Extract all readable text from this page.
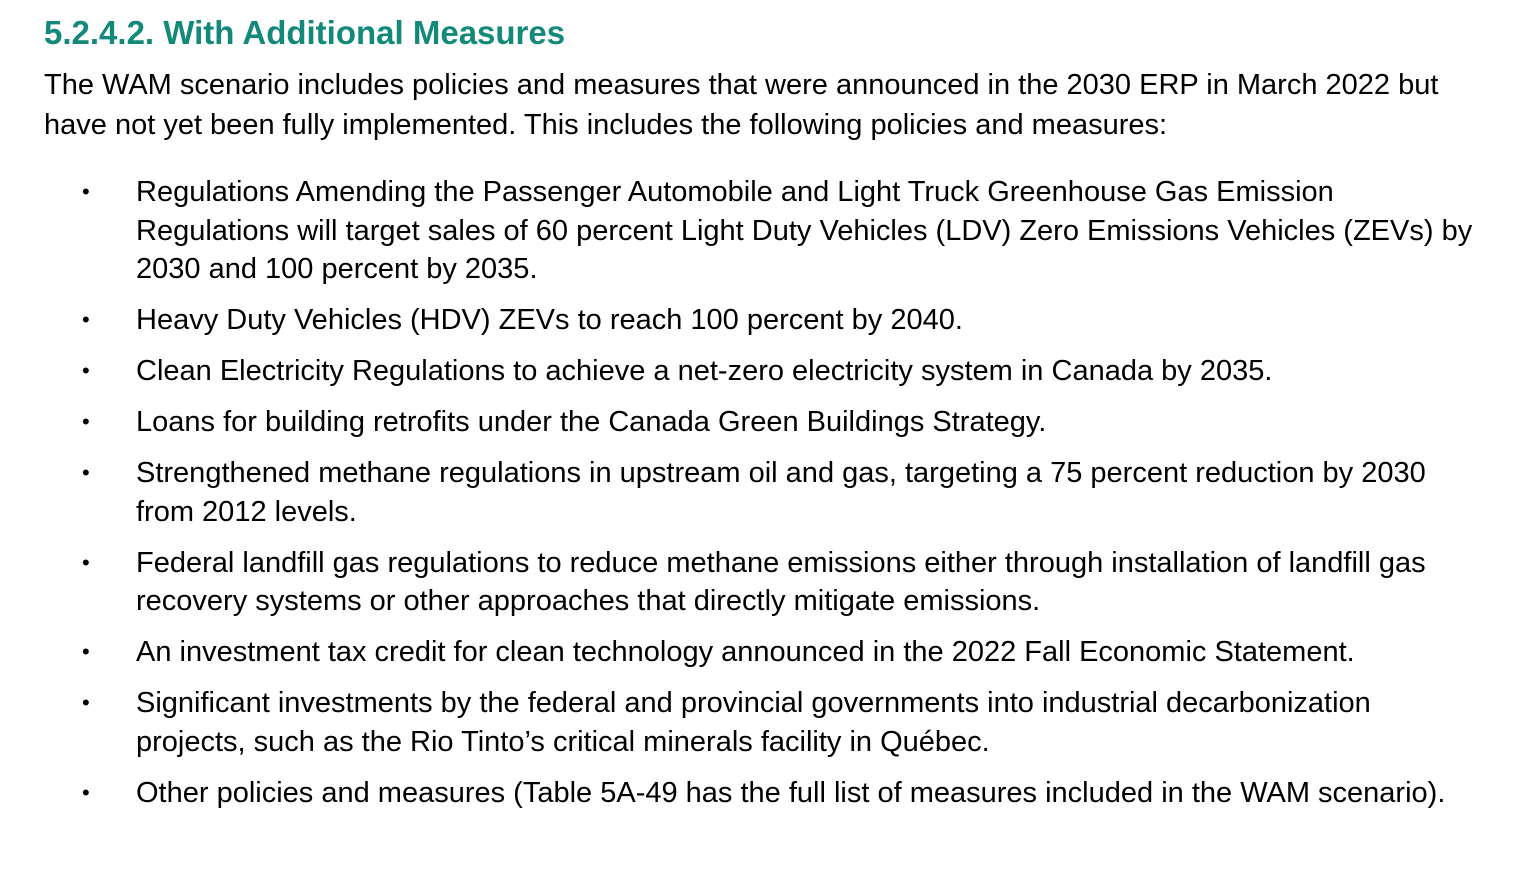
5.2.4.2. With Additional Measures

The WAM scenario includes policies and measures that were announced in the 2030 ERP in March 2022 but have not yet been fully implemented. This includes the following policies and measures:

• Regulations Amending the Passenger Automobile and Light Truck Greenhouse Gas Emission Regulations will target sales of 60 percent Light Duty Vehicles (LDV) Zero Emissions Vehicles (ZEVs) by 2030 and 100 percent by 2035.
• Heavy Duty Vehicles (HDV) ZEVs to reach 100 percent by 2040.
• Clean Electricity Regulations to achieve a net-zero electricity system in Canada by 2035.
• Loans for building retrofits under the Canada Green Buildings Strategy.
• Strengthened methane regulations in upstream oil and gas, targeting a 75 percent reduction by 2030 from 2012 levels.
• Federal landfill gas regulations to reduce methane emissions either through installation of landfill gas recovery systems or other approaches that directly mitigate emissions.
• An investment tax credit for clean technology announced in the 2022 Fall Economic Statement.
• Significant investments by the federal and provincial governments into industrial decarbonization projects, such as the Rio Tinto’s critical minerals facility in Québec.
• Other policies and measures (Table 5A-49 has the full list of measures included in the WAM scenario).
